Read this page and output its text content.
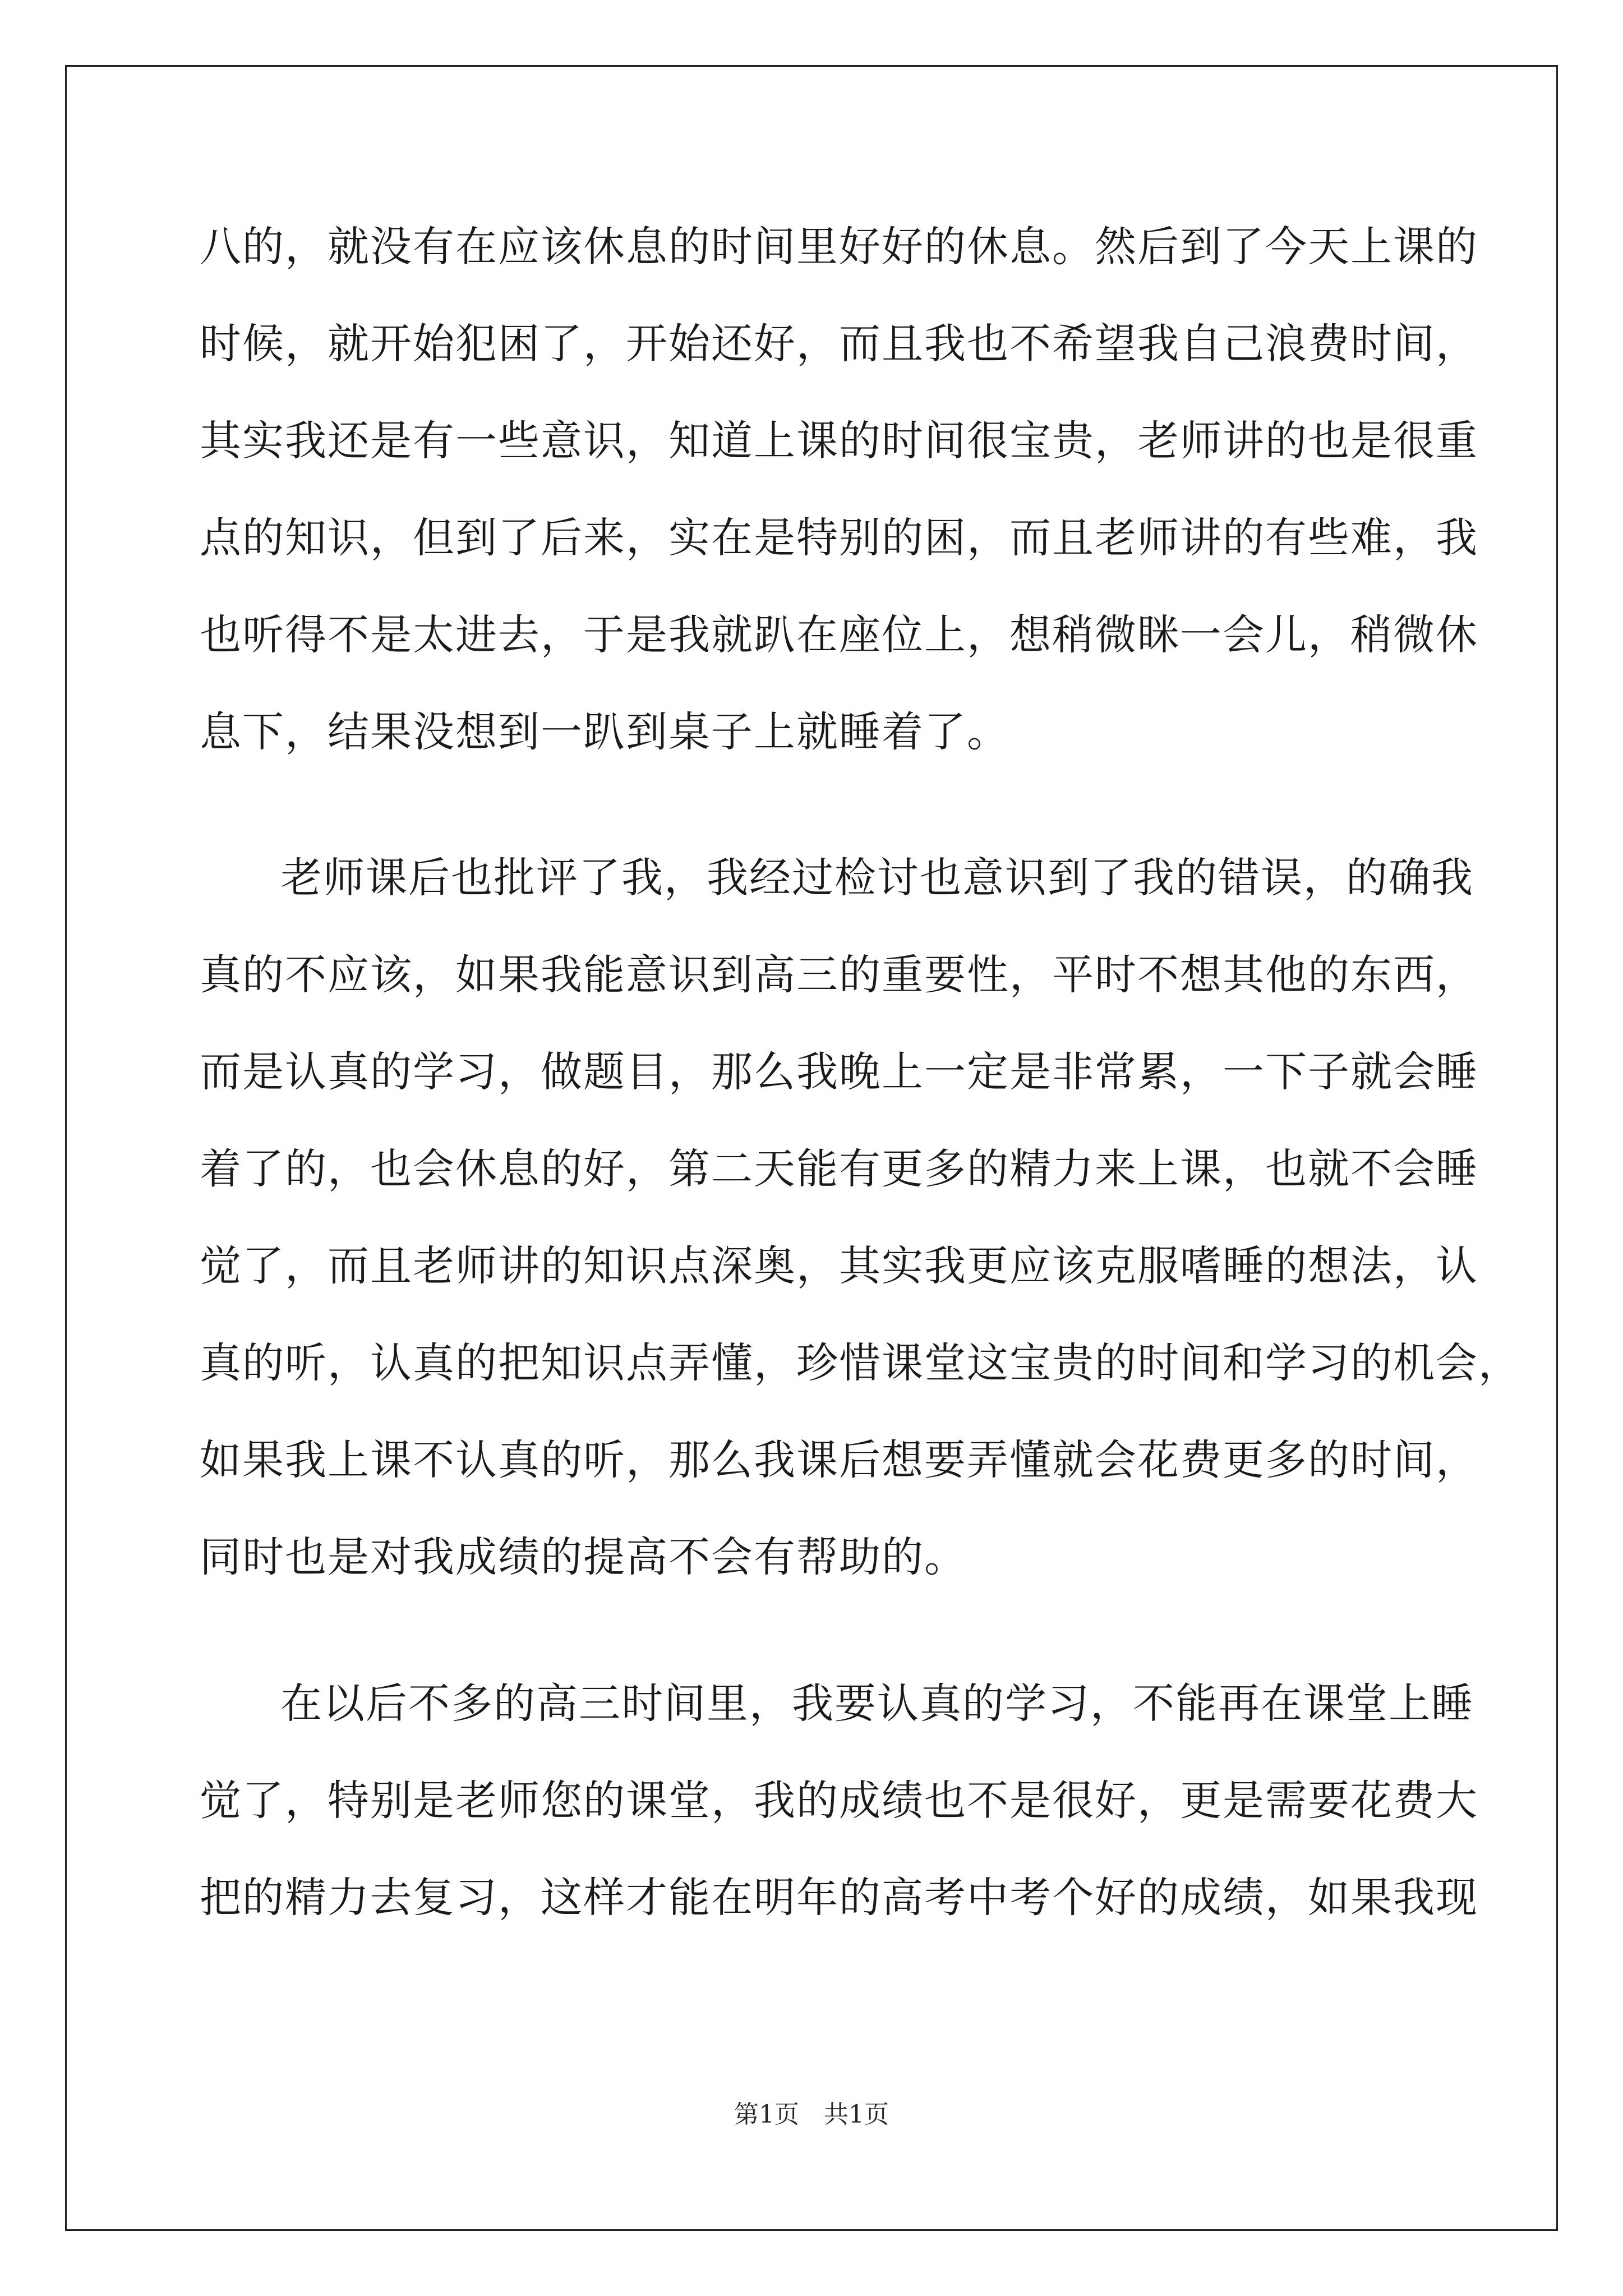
八的，就没有在应该休息的时间里好好的休息。然后到了今天上课的
时候，就开始犯困了，开始还好，而且我也不希望我自己浪费时间，
其实我还是有一些意识，知道上课的时间很宝贵，老师讲的也是很重
点的知识，但到了后来，实在是特别的困，而且老师讲的有些难，我
也听得不是太进去，于是我就趴在座位上，想稍微眯一会儿，稍微休
息下，结果没想到一趴到桌子上就睡着了。
老师课后也批评了我，我经过检讨也意识到了我的错误，的确我
真的不应该，如果我能意识到高三的重要性，平时不想其他的东西，
而是认真的学习，做题目，那么我晚上一定是非常累，一下子就会睡
着了的，也会休息的好，第二天能有更多的精力来上课，也就不会睡
觉了，而且老师讲的知识点深奥，其实我更应该克服嗜睡的想法，认
真的听，认真的把知识点弄懂，珍惜课堂这宝贵的时间和学习的机会，
如果我上课不认真的听，那么我课后想要弄懂就会花费更多的时间，
同时也是对我成绩的提高不会有帮助的。
在以后不多的高三时间里，我要认真的学习，不能再在课堂上睡
觉了，特别是老师您的课堂，我的成绩也不是很好，更是需要花费大
把的精力去复习，这样才能在明年的高考中考个好的成绩，如果我现
第1页　共1页
